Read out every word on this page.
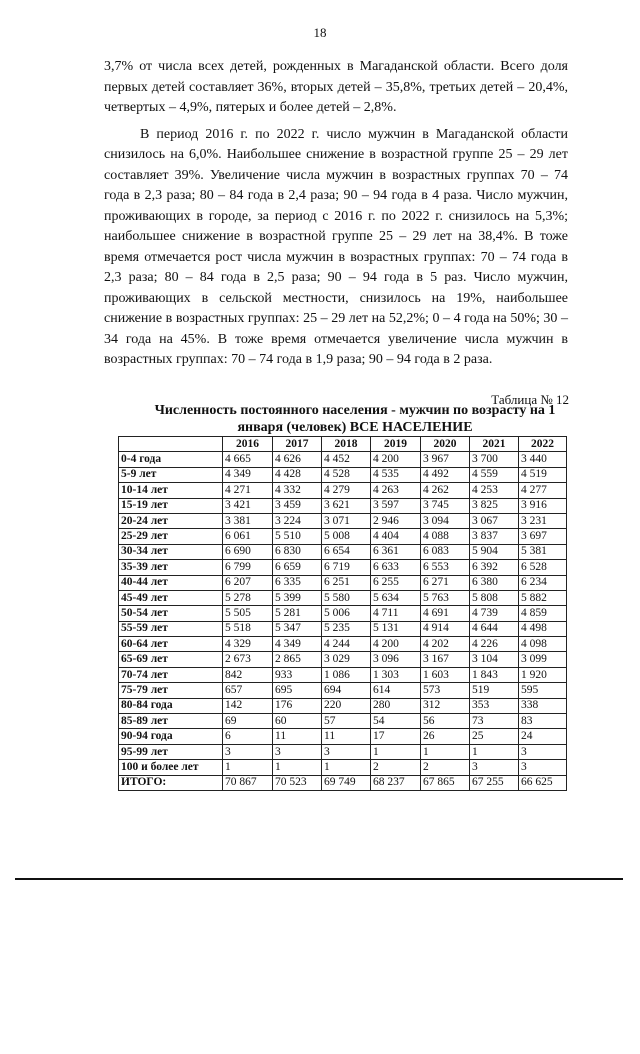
18

3,7% от числа всех детей, рожденных в Магаданской области. Всего доля первых детей составляет 36%, вторых детей – 35,8%, третьих детей – 20,4%, четвертых – 4,9%, пятерых и более детей – 2,8%.

В период 2016 г. по 2022 г. число мужчин в Магаданской области снизилось на 6,0%. Наибольшее снижение в возрастной группе 25 – 29 лет составляет 39%. Увеличение числа мужчин в возрастных группах 70 – 74 года в 2,3 раза; 80 – 84 года в 2,4 раза; 90 – 94 года в 4 раза. Число мужчин, проживающих в городе, за период с 2016 г. по 2022 г. снизилось на 5,3%; наибольшее снижение в возрастной группе 25 – 29 лет на 38,4%. В тоже время отмечается рост числа мужчин в возрастных группах: 70 – 74 года в 2,3 раза; 80 – 84 года в 2,5 раза; 90 – 94 года в 5 раз. Число мужчин, проживающих в сельской местности, снизилось на 19%, наибольшее снижение в возрастных группах: 25 – 29 лет на 52,2%; 0 – 4 года на 50%; 30 – 34 года на 45%. В тоже время отмечается увеличение числа мужчин в возрастных группах: 70 – 74 года в 1,9 раза; 90 – 94 года в 2 раза.

Таблица № 12
Численность постоянного населения - мужчин по возрасту на 1 января (человек) ВСЕ НАСЕЛЕНИЕ
	2016	2017	2018	2019	2020	2021	2022
0-4 года	4 665	4 626	4 452	4 200	3 967	3 700	3 440
5-9 лет	4 349	4 428	4 528	4 535	4 492	4 559	4 519
10-14 лет	4 271	4 332	4 279	4 263	4 262	4 253	4 277
15-19 лет	3 421	3 459	3 621	3 597	3 745	3 825	3 916
20-24 лет	3 381	3 224	3 071	2 946	3 094	3 067	3 231
25-29 лет	6 061	5 510	5 008	4 404	4 088	3 837	3 697
30-34 лет	6 690	6 830	6 654	6 361	6 083	5 904	5 381
35-39 лет	6 799	6 659	6 719	6 633	6 553	6 392	6 528
40-44 лет	6 207	6 335	6 251	6 255	6 271	6 380	6 234
45-49 лет	5 278	5 399	5 580	5 634	5 763	5 808	5 882
50-54 лет	5 505	5 281	5 006	4 711	4 691	4 739	4 859
55-59 лет	5 518	5 347	5 235	5 131	4 914	4 644	4 498
60-64 лет	4 329	4 349	4 244	4 200	4 202	4 226	4 098
65-69 лет	2 673	2 865	3 029	3 096	3 167	3 104	3 099
70-74 лет	842	933	1 086	1 303	1 603	1 843	1 920
75-79 лет	657	695	694	614	573	519	595
80-84 года	142	176	220	280	312	353	338
85-89 лет	69	60	57	54	56	73	83
90-94 года	6	11	11	17	26	25	24
95-99 лет	3	3	3	1	1	1	3
100 и более лет	1	1	1	2	2	3	3
ИТОГО:	70 867	70 523	69 749	68 237	67 865	67 255	66 625
